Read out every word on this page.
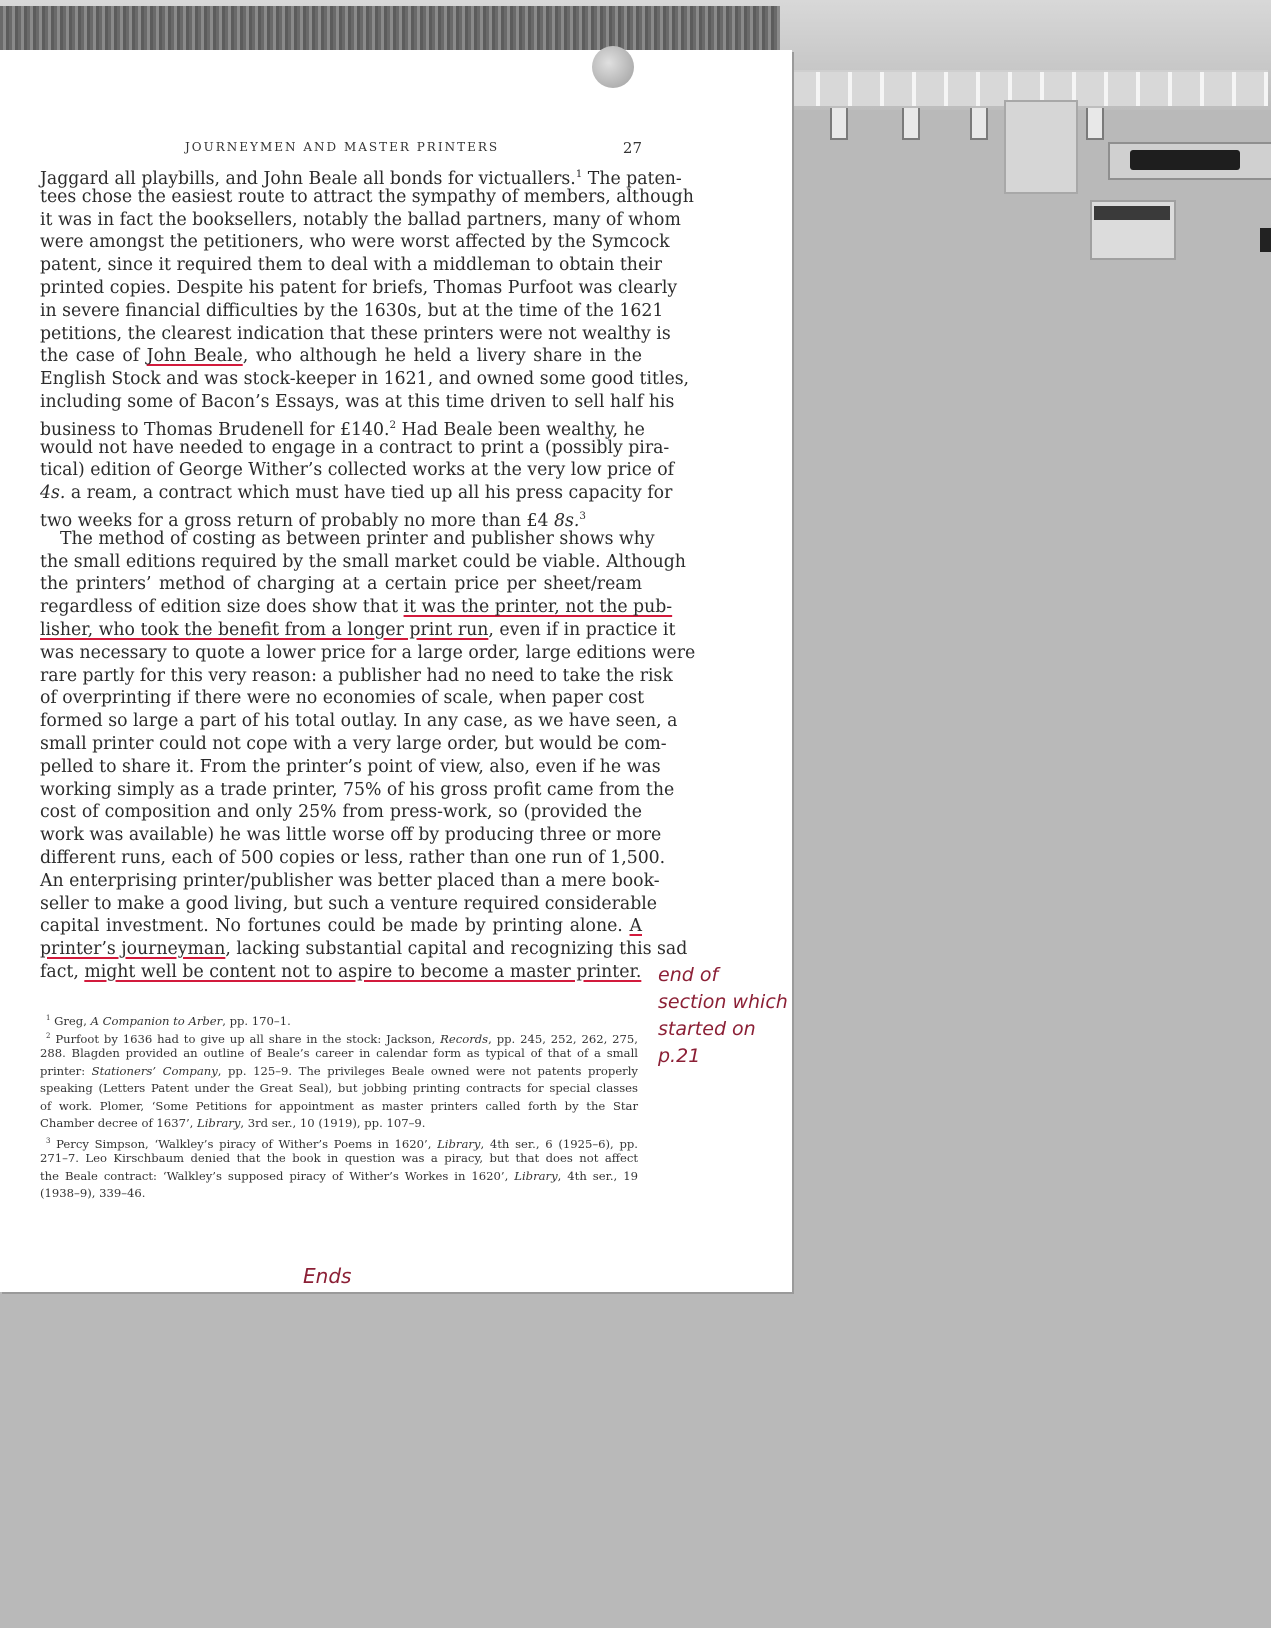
JOURNEYMEN AND MASTER PRINTERS	27
Jaggard all playbills, and John Beale all bonds for victuallers.$^1$ The paten-
tees chose the easiest route to attract the sympathy of members, although
it was in fact the booksellers, notably the ballad partners, many of whom
were amongst the petitioners, who were worst affected by the Symcock
patent, since it required them to deal with a middleman to obtain their
printed copies. Despite his patent for briefs, Thomas Purfoot was clearly
in severe financial difficulties by the 1630s, but at the time of the 1621
petitions, the clearest indication that these printers were not wealthy is
the case of John Beale, who although he held a livery share in the
English Stock and was stock-keeper in 1621, and owned some good titles,
including some of Bacon’s Essays, was at this time driven to sell half his
business to Thomas Brudenell for £140.$^2$ Had Beale been wealthy, he
would not have needed to engage in a contract to print a (possibly pira-
tical) edition of George Wither’s collected works at the very low price of
4s. a ream, a contract which must have tied up all his press capacity for
two weeks for a gross return of probably no more than £4 8s.$^3$
The method of costing as between printer and publisher shows why
the small editions required by the small market could be viable. Although
the printers’ method of charging at a certain price per sheet/ream
regardless of edition size does show that it was the printer, not the pub-
lisher, who took the benefit from a longer print run, even if in practice it
was necessary to quote a lower price for a large order, large editions were
rare partly for this very reason: a publisher had no need to take the risk
of overprinting if there were no economies of scale, when paper cost
formed so large a part of his total outlay. In any case, as we have seen, a
small printer could not cope with a very large order, but would be com-
pelled to share it. From the printer’s point of view, also, even if he was
working simply as a trade printer, 75% of his gross profit came from the
cost of composition and only 25% from press-work, so (provided the
work was available) he was little worse off by producing three or more
different runs, each of 500 copies or less, rather than one run of 1,500.
An enterprising printer/publisher was better placed than a mere book-
seller to make a good living, but such a venture required considerable
capital investment. No fortunes could be made by printing alone. A
printer’s journeyman, lacking substantial capital and recognizing this sad
fact, might well be content not to aspire to become a master printer.
$^1$ Greg, A Companion to Arber, pp. 170–1.
$^2$ Purfoot by 1636 had to give up all share in the stock: Jackson, Records, pp. 245, 252, 262, 275,
288. Blagden provided an outline of Beale’s career in calendar form as typical of that of a small
printer: Stationers’ Company, pp. 125–9. The privileges Beale owned were not patents properly
speaking (Letters Patent under the Great Seal), but jobbing printing contracts for special classes
of work. Plomer, ‘Some Petitions for appointment as master printers called forth by the Star
Chamber decree of 1637’, Library, 3rd ser., 10 (1919), pp. 107–9.
$^3$ Percy Simpson, ‘Walkley’s piracy of Wither’s Poems in 1620’, Library, 4th ser., 6 (1925–6), pp.
271–7. Leo Kirschbaum denied that the book in question was a piracy, but that does not affect
the Beale contract: ‘Walkley’s supposed piracy of Wither’s Workes in 1620’, Library, 4th ser., 19
(1938–9), 339–46.
end of
section which
started on p.21
Ends
